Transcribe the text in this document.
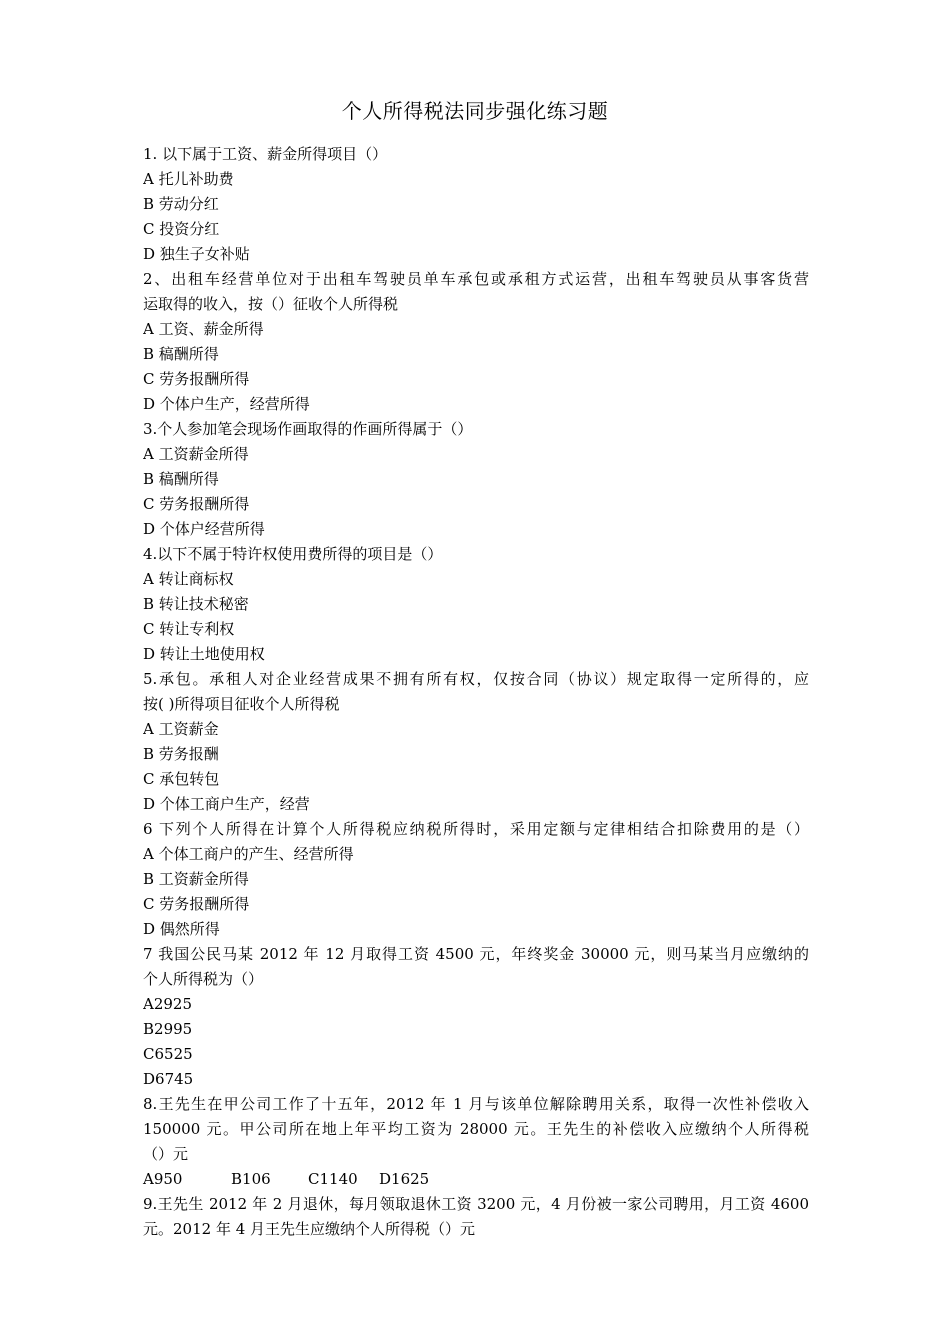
个人所得税法同步强化练习题
1. 以下属于工资、薪金所得项目（）
A 托儿补助费
B 劳动分红
C 投资分红
D 独生子女补贴
2、出租车经营单位对于出租车驾驶员单车承包或承租方式运营，出租车驾驶员从事客货营
运取得的收入，按（）征收个人所得税
A 工资、薪金所得
B 稿酬所得
C 劳务报酬所得
D 个体户生产，经营所得
3.个人参加笔会现场作画取得的作画所得属于（）
A 工资薪金所得
B 稿酬所得
C 劳务报酬所得
D 个体户经营所得
4.以下不属于特许权使用费所得的项目是（）
A 转让商标权
B 转让技术秘密
C 转让专利权
D 转让土地使用权
5.承包。承租人对企业经营成果不拥有所有权，仅按合同（协议）规定取得一定所得的，应
按( )所得项目征收个人所得税
A 工资薪金
B 劳务报酬
C 承包转包
D 个体工商户生产，经营
6 下列个人所得在计算个人所得税应纳税所得时，采用定额与定律相结合扣除费用的是（）
A 个体工商户的产生、经营所得
B 工资薪金所得
C 劳务报酬所得
D 偶然所得
7 我国公民马某 2012 年 12 月取得工资 4500 元，年终奖金 30000 元，则马某当月应缴纳的
个人所得税为（）
A2925
B2995
C6525
D6745
8.王先生在甲公司工作了十五年，2012 年 1 月与该单位解除聘用关系，取得一次性补偿收入
150000 元。甲公司所在地上年平均工资为 28000 元。王先生的补偿收入应缴纳个人所得税
（）元
A950	B106 C1140 D1625
9.王先生 2012 年 2 月退休，每月领取退休工资 3200 元，4 月份被一家公司聘用，月工资 4600
元。2012 年 4 月王先生应缴纳个人所得税（）元
